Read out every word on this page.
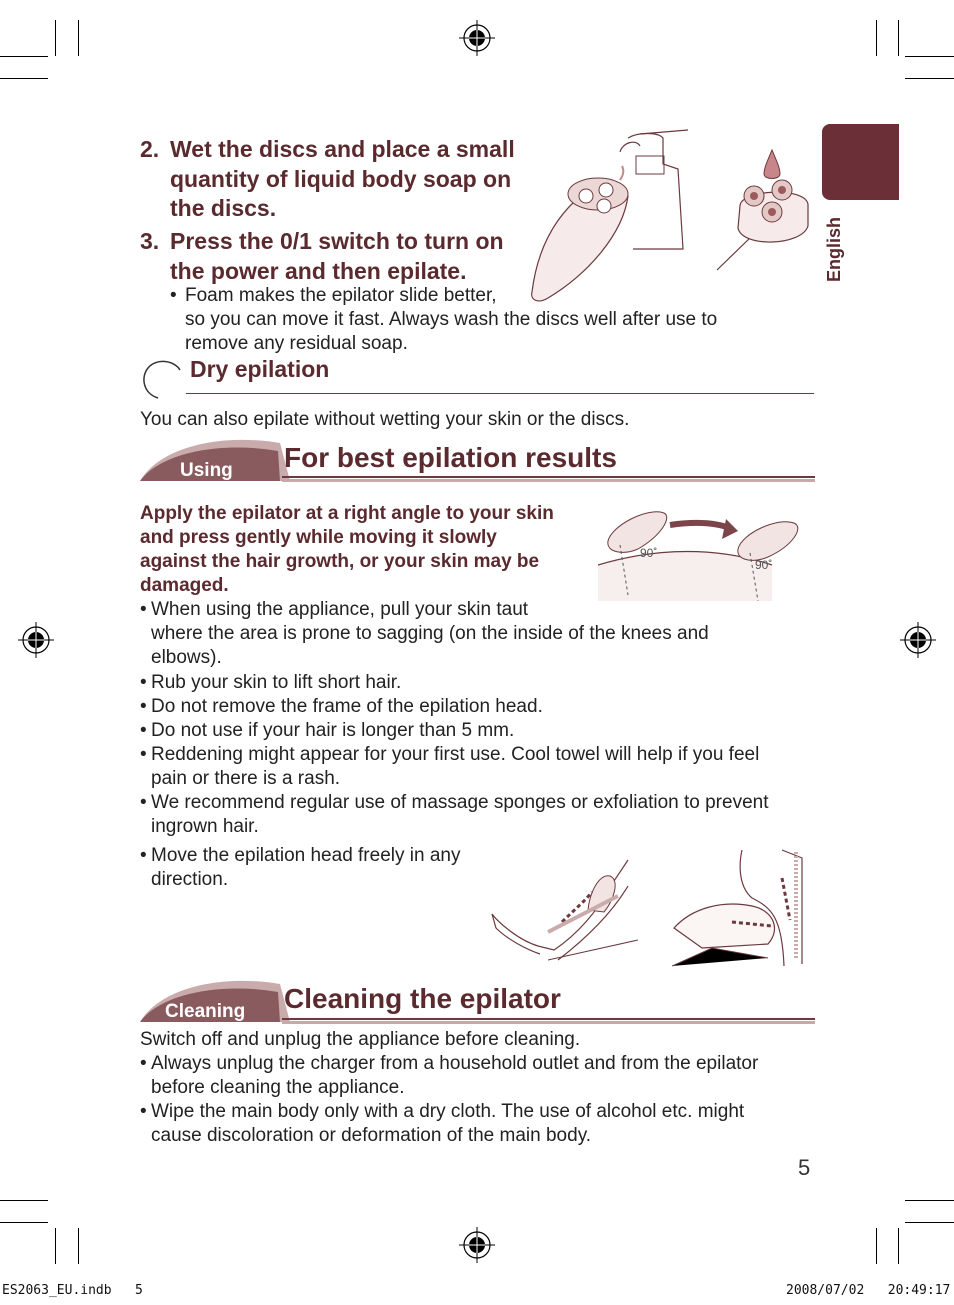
English
2. Wet the discs and place a small
quantity of liquid body soap on
the discs.
3. Press the 0/1 switch to turn on
the power and then epilate.
• Foam makes the epilator slide better,
so you can move it fast. Always wash the discs well after use to
remove any residual soap.
Dry epilation
You can also epilate without wetting your skin or the discs.
Using For best epilation results
Apply the epilator at a right angle to your skin
and press gently while moving it slowly
against the hair growth, or your skin may be
damaged.
90˚
90˚
• When using the appliance, pull your skin taut
where the area is prone to sagging (on the inside of the knees and
elbows).
• Rub your skin to lift short hair.
• Do not remove the frame of the epilation head.
• Do not use if your hair is longer than 5 mm.
• Reddening might appear for your first use. Cool towel will help if you feel
pain or there is a rash.
• We recommend regular use of massage sponges or exfoliation to prevent
ingrown hair.
• Move the epilation head freely in any
direction.
Cleaning Cleaning the epilator
Switch off and unplug the appliance before cleaning.
• Always unplug the charger from a household outlet and from the epilator
before cleaning the appliance.
• Wipe the main body only with a dry cloth. The use of alcohol etc. might
cause discoloration or deformation of the main body.
5
ES2063_EU.indb   5	2008/07/02   20:49:17
